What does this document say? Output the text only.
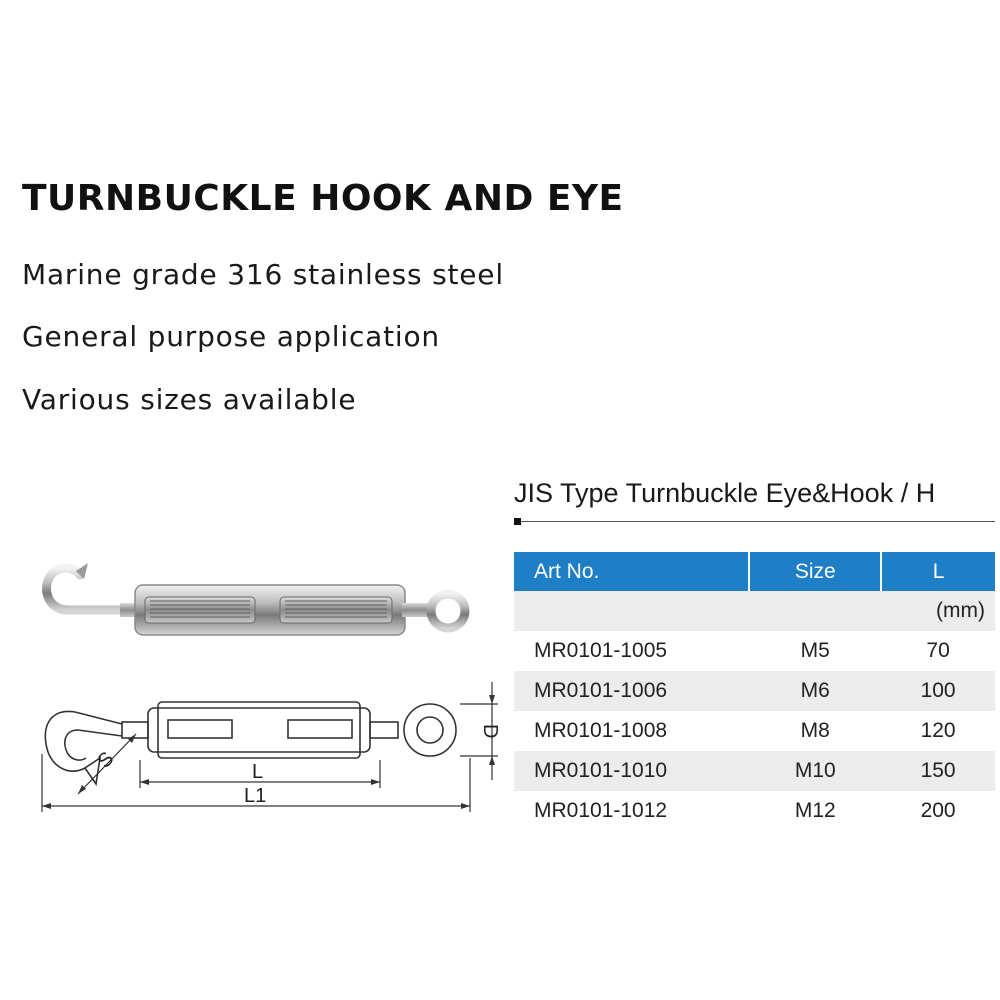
TURNBUCKLE HOOK AND EYE
Marine grade 316 stainless steel
General purpose application
Various sizes available
L
L1
D
S
JIS Type Turnbuckle Eye&Hook / H
Art No.	Size	L
		(mm)
MR0101-1005	M5	70
MR0101-1006	M6	100
MR0101-1008	M8	120
MR0101-1010	M10	150
MR0101-1012	M12	200
